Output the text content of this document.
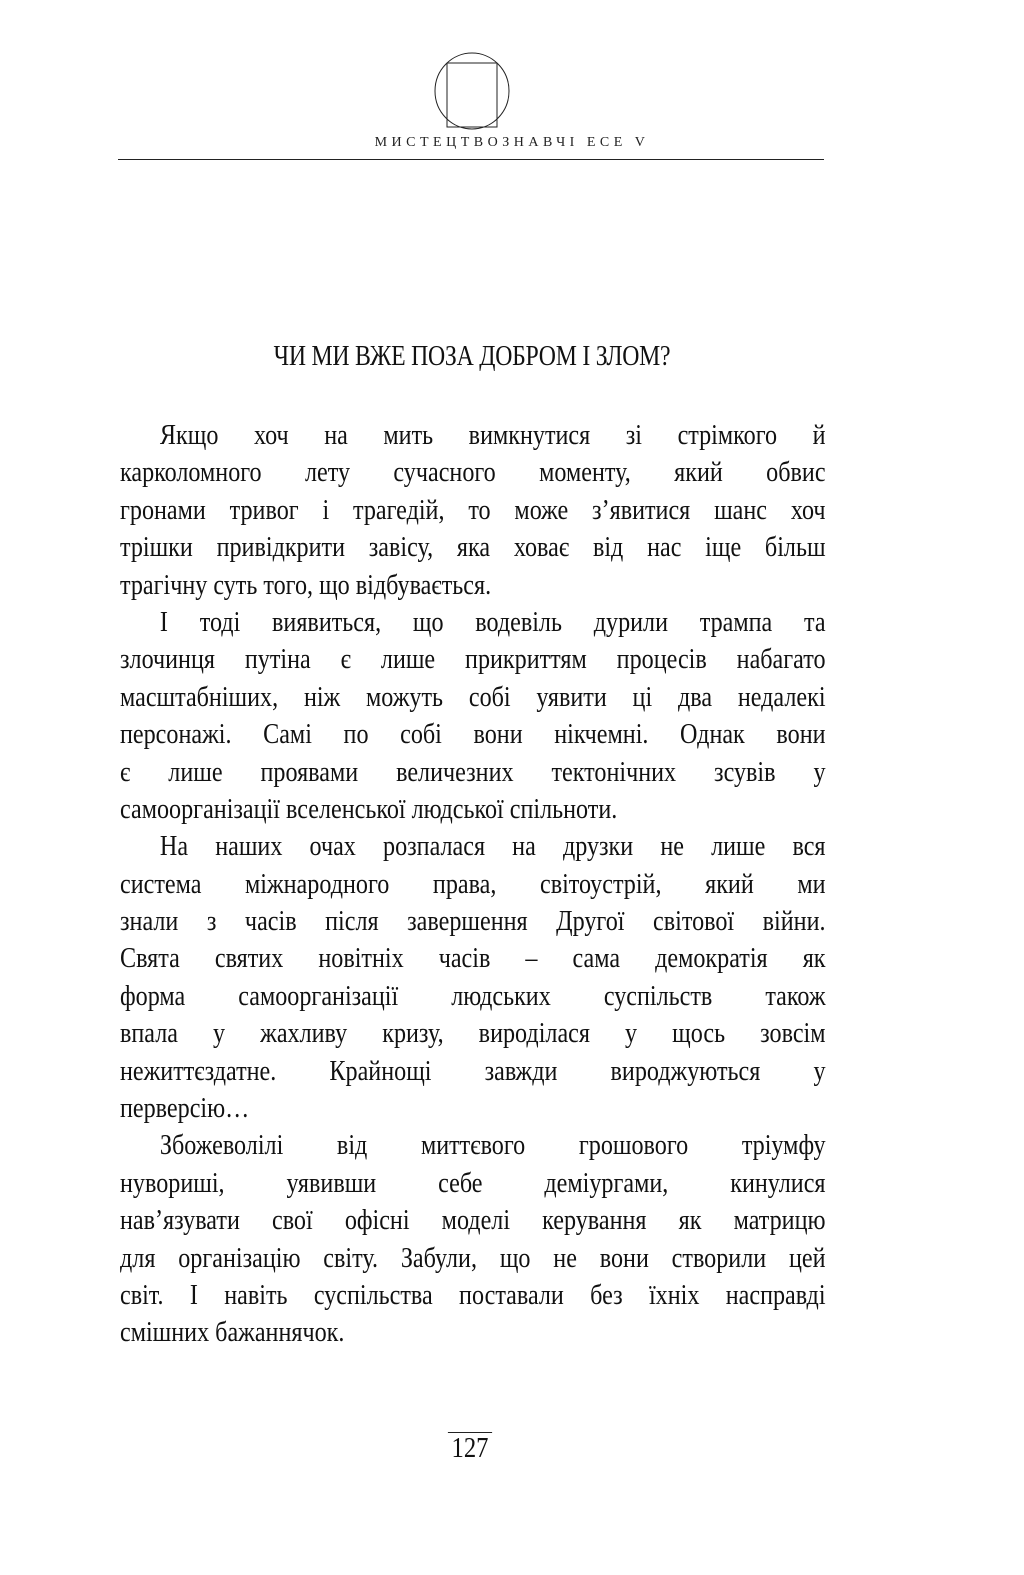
МИСТЕЦТВОЗНАВЧІ ЕСЕ V
ЧИ МИ ВЖЕ ПОЗА ДОБРОМ І ЗЛОМ?
Якщо хоч на мить вимкнутися зі стрімкого й
карколомного лету сучасного моменту, який обвис
гронами тривог і трагедій, то може з’явитися шанс хоч
трішки привідкрити завісу, яка ховає від нас іще більш
трагічну суть того, що відбувається.
І тоді виявиться, що водевіль дурили трампа та
злочинця путіна є лише прикриттям процесів набагато
масштабніших, ніж можуть собі уявити ці два недалекі
персонажі. Самі по собі вони нікчемні. Однак вони
є лише проявами величезних тектонічних зсувів у
самоорганізації вселенської людської спільноти.
На наших очах розпалася на друзки не лише вся
система міжнародного права, світоустрій, який ми
знали з часів після завершення Другої світової війни.
Свята святих новітніх часів – сама демократія як
форма самоорганізації людських суспільств також
впала у жахливу кризу, вироділася у щось зовсім
нежиттєздатне. Крайнощі завжди вироджуються у
перверсію…
Збожеволілі від миттєвого грошового тріумфу
нувориші, уявивши себе деміургами, кинулися
нав’язувати свої офісні моделі керування як матрицю
для організацію світу. Забули, що не вони створили цей
світ. І навіть суспільства поставали без їхніх насправді
смішних бажаннячок.
127
